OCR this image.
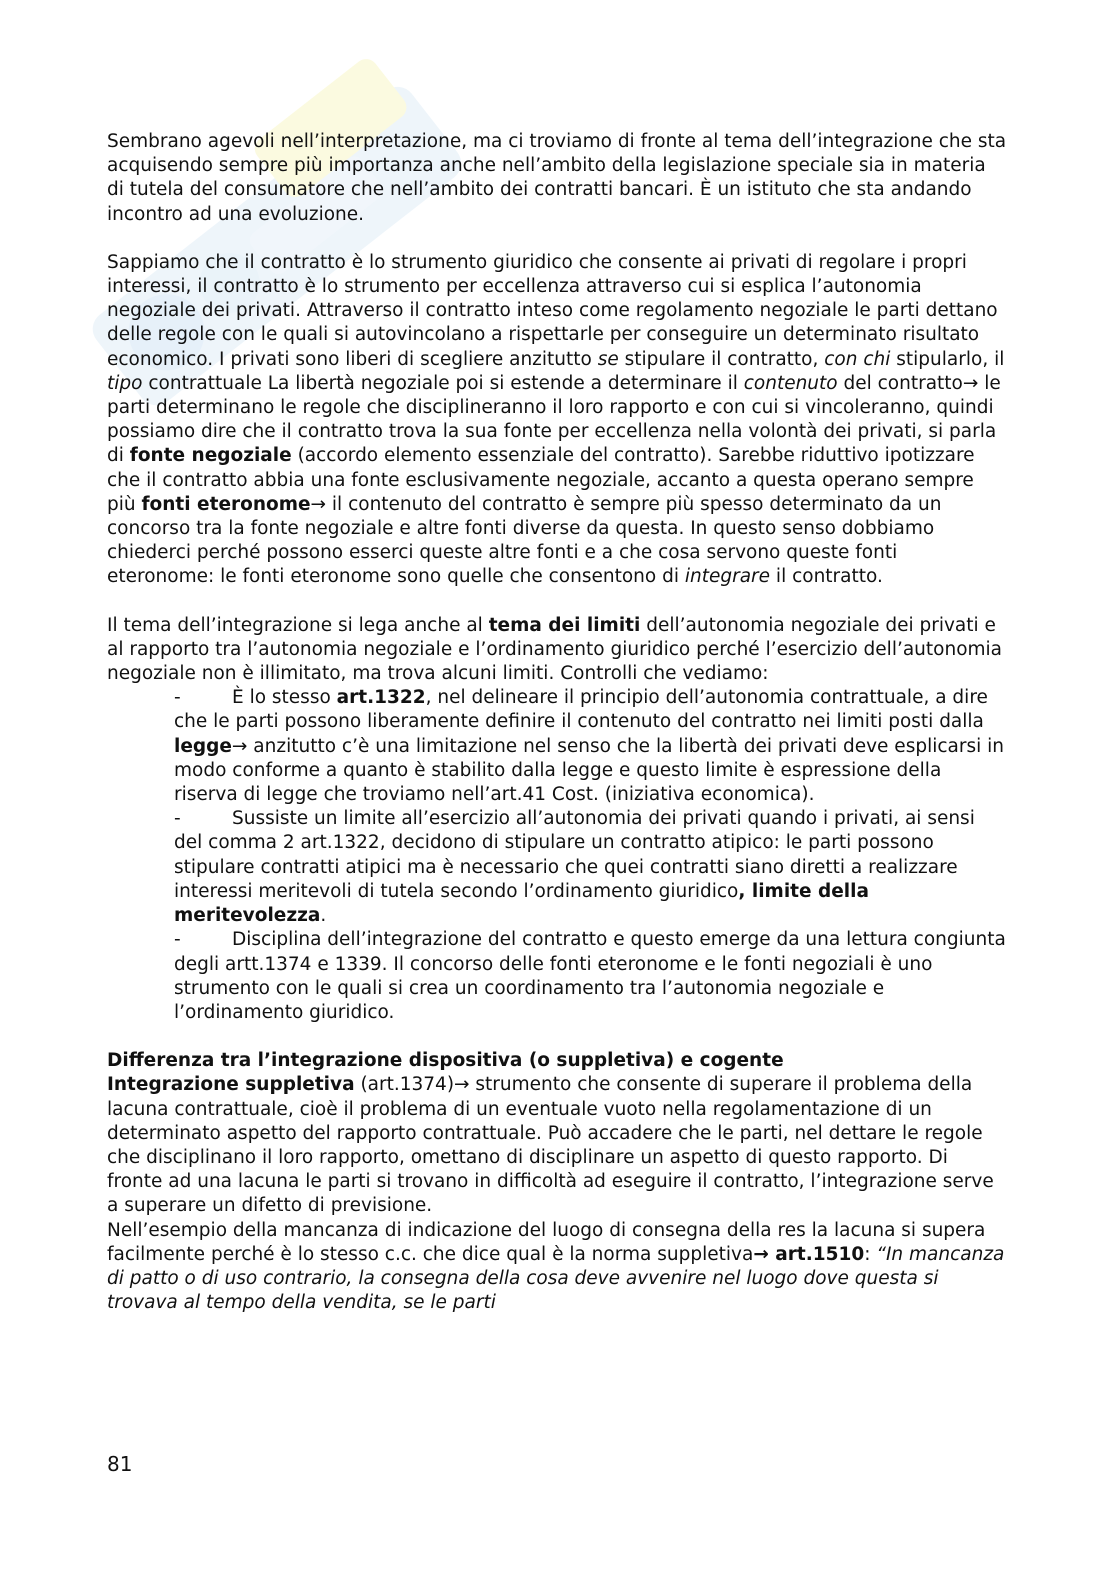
Sembrano agevoli nell’interpretazione, ma ci troviamo di fronte al tema dell’integrazione che sta acquisendo sempre più importanza anche nell’ambito della legislazione speciale sia in materia di tutela del consumatore che nell’ambito dei contratti bancari. È un istituto che sta andando incontro ad una evoluzione.

Sappiamo che il contratto è lo strumento giuridico che consente ai privati di regolare i propri interessi, il contratto è lo strumento per eccellenza attraverso cui si esplica l’autonomia negoziale dei privati. Attraverso il contratto inteso come regolamento negoziale le parti dettano delle regole con le quali si autovincolano a rispettarle per conseguire un determinato risultato economico. I privati sono liberi di scegliere anzitutto se stipulare il contratto, con chi stipularlo, il tipo contrattuale La libertà negoziale poi si estende a determinare il contenuto del contratto→ le parti determinano le regole che disciplineranno il loro rapporto e con cui si vincoleranno, quindi possiamo dire che il contratto trova la sua fonte per eccellenza nella volontà dei privati, si parla di fonte negoziale (accordo elemento essenziale del contratto). Sarebbe riduttivo ipotizzare che il contratto abbia una fonte esclusivamente negoziale, accanto a questa operano sempre più fonti eteronome→ il contenuto del contratto è sempre più spesso determinato da un concorso tra la fonte negoziale e altre fonti diverse da questa. In questo senso dobbiamo chiederci perché possono esserci queste altre fonti e a che cosa servono queste fonti eteronome: le fonti eteronome sono quelle che consentono di integrare il contratto.

Il tema dell’integrazione si lega anche al tema dei limiti dell’autonomia negoziale dei privati e al rapporto tra l’autonomia negoziale e l’ordinamento giuridico perché l’esercizio dell’autonomia negoziale non è illimitato, ma trova alcuni limiti. Controlli che vediamo:

-	È lo stesso art.1322, nel delineare il principio dell’autonomia contrattuale, a dire che le parti possono liberamente definire il contenuto del contratto nei limiti posti dalla legge→ anzitutto c’è una limitazione nel senso che la libertà dei privati deve esplicarsi in modo conforme a quanto è stabilito dalla legge e questo limite è espressione della riserva di legge che troviamo nell’art.41 Cost. (iniziativa economica).
-	Sussiste un limite all’esercizio all’autonomia dei privati quando i privati, ai sensi del comma 2 art.1322, decidono di stipulare un contratto atipico: le parti possono stipulare contratti atipici ma è necessario che quei contratti siano diretti a realizzare interessi meritevoli di tutela secondo l’ordinamento giuridico, limite della meritevolezza.
-	Disciplina dell’integrazione del contratto e questo emerge da una lettura congiunta degli artt.1374 e 1339. Il concorso delle fonti eteronome e le fonti negoziali è uno strumento con le quali si crea un coordinamento tra l’autonomia negoziale e l’ordinamento giuridico.

Differenza tra l’integrazione dispositiva (o suppletiva) e cogente

Integrazione suppletiva (art.1374)→ strumento che consente di superare il problema della lacuna contrattuale, cioè il problema di un eventuale vuoto nella regolamentazione di un determinato aspetto del rapporto contrattuale. Può accadere che le parti, nel dettare le regole che disciplinano il loro rapporto, omettano di disciplinare un aspetto di questo rapporto. Di fronte ad una lacuna le parti si trovano in difficoltà ad eseguire il contratto, l’integrazione serve a superare un difetto di previsione.

Nell’esempio della mancanza di indicazione del luogo di consegna della res la lacuna si supera facilmente perché è lo stesso c.c. che dice qual è la norma suppletiva→ art.1510: “In mancanza di patto o di uso contrario, la consegna della cosa deve avvenire nel luogo dove questa si trovava al tempo della vendita, se le parti

81
